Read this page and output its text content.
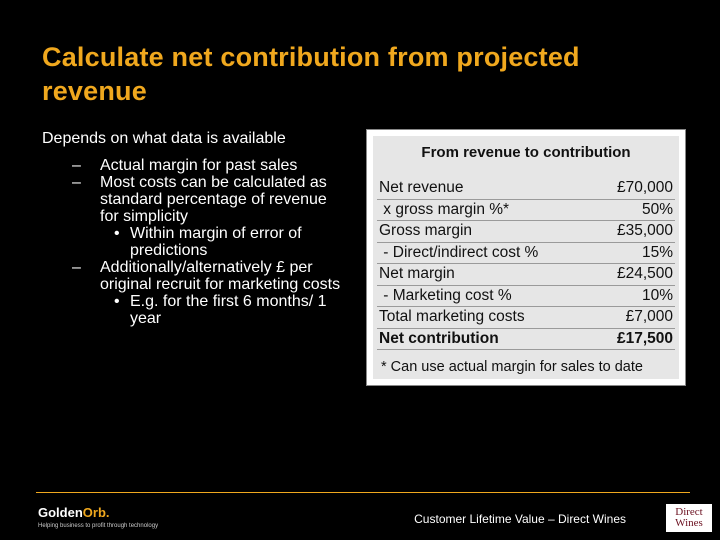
Calculate net contribution from projected revenue

Depends on what data is available

– Actual margin for past sales
– Most costs can be calculated as standard percentage of revenue for simplicity
• Within margin of error of predictions
– Additionally/alternatively £ per original recruit for marketing costs
• E.g. for the first 6 months/ 1 year
From revenue to contribution
Net revenue	£70,000
x gross margin %*	50%
Gross margin	£35,000
- Direct/indirect cost %	15%
Net margin	£24,500
- Marketing cost %	10%
Total marketing costs	£7,000
Net contribution	£17,500
* Can use actual margin for sales to date
GoldenOrb.
Helping business to profit through technology	Customer Lifetime Value – Direct Wines	Direct
Wines
